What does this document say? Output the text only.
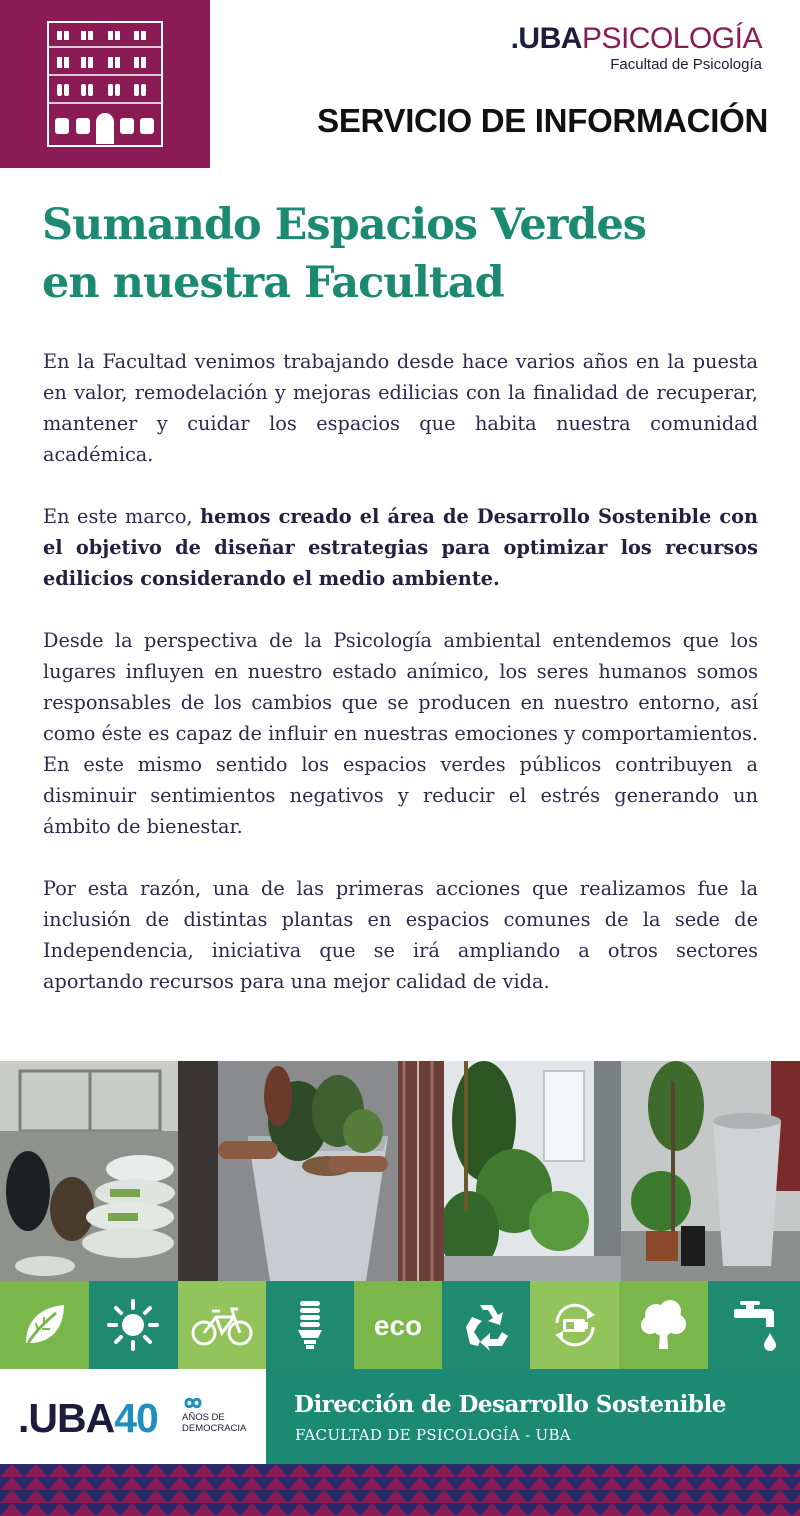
.UBAPSICOLOGÍA
Facultad de Psicología
SERVICIO DE INFORMACIÓN
Sumando Espacios Verdes
en nuestra Facultad

En la Facultad venimos trabajando desde hace varios años en la puesta en valor, remodelación y mejoras edilicias con la finalidad de recuperar, mantener y cuidar los espacios que habita nuestra comunidad académica.

En este marco, hemos creado el área de Desarrollo Sostenible con el objetivo de diseñar estrategias para optimizar los recursos edilicios considerando el medio ambiente.

Desde la perspectiva de la Psicología ambiental entendemos que los lugares influyen en nuestro estado anímico, los seres humanos somos responsables de los cambios que se producen en nuestro entorno, así como éste es capaz de influir en nuestras emociones y comportamientos. En este mismo sentido los espacios verdes públicos contribuyen a disminuir sentimientos negativos y reducir el estrés generando un ámbito de bienestar.

Por esta razón, una de las primeras acciones que realizamos fue la inclusión de distintas plantas en espacios comunes de la sede de Independencia, iniciativa que se irá ampliando a otros sectores aportando recursos para una mejor calidad de vida.

eco
.UBA40	AÑOS DE
DEMOCRACIA
Dirección de Desarrollo Sostenible
FACULTAD DE PSICOLOGÍA - UBA
